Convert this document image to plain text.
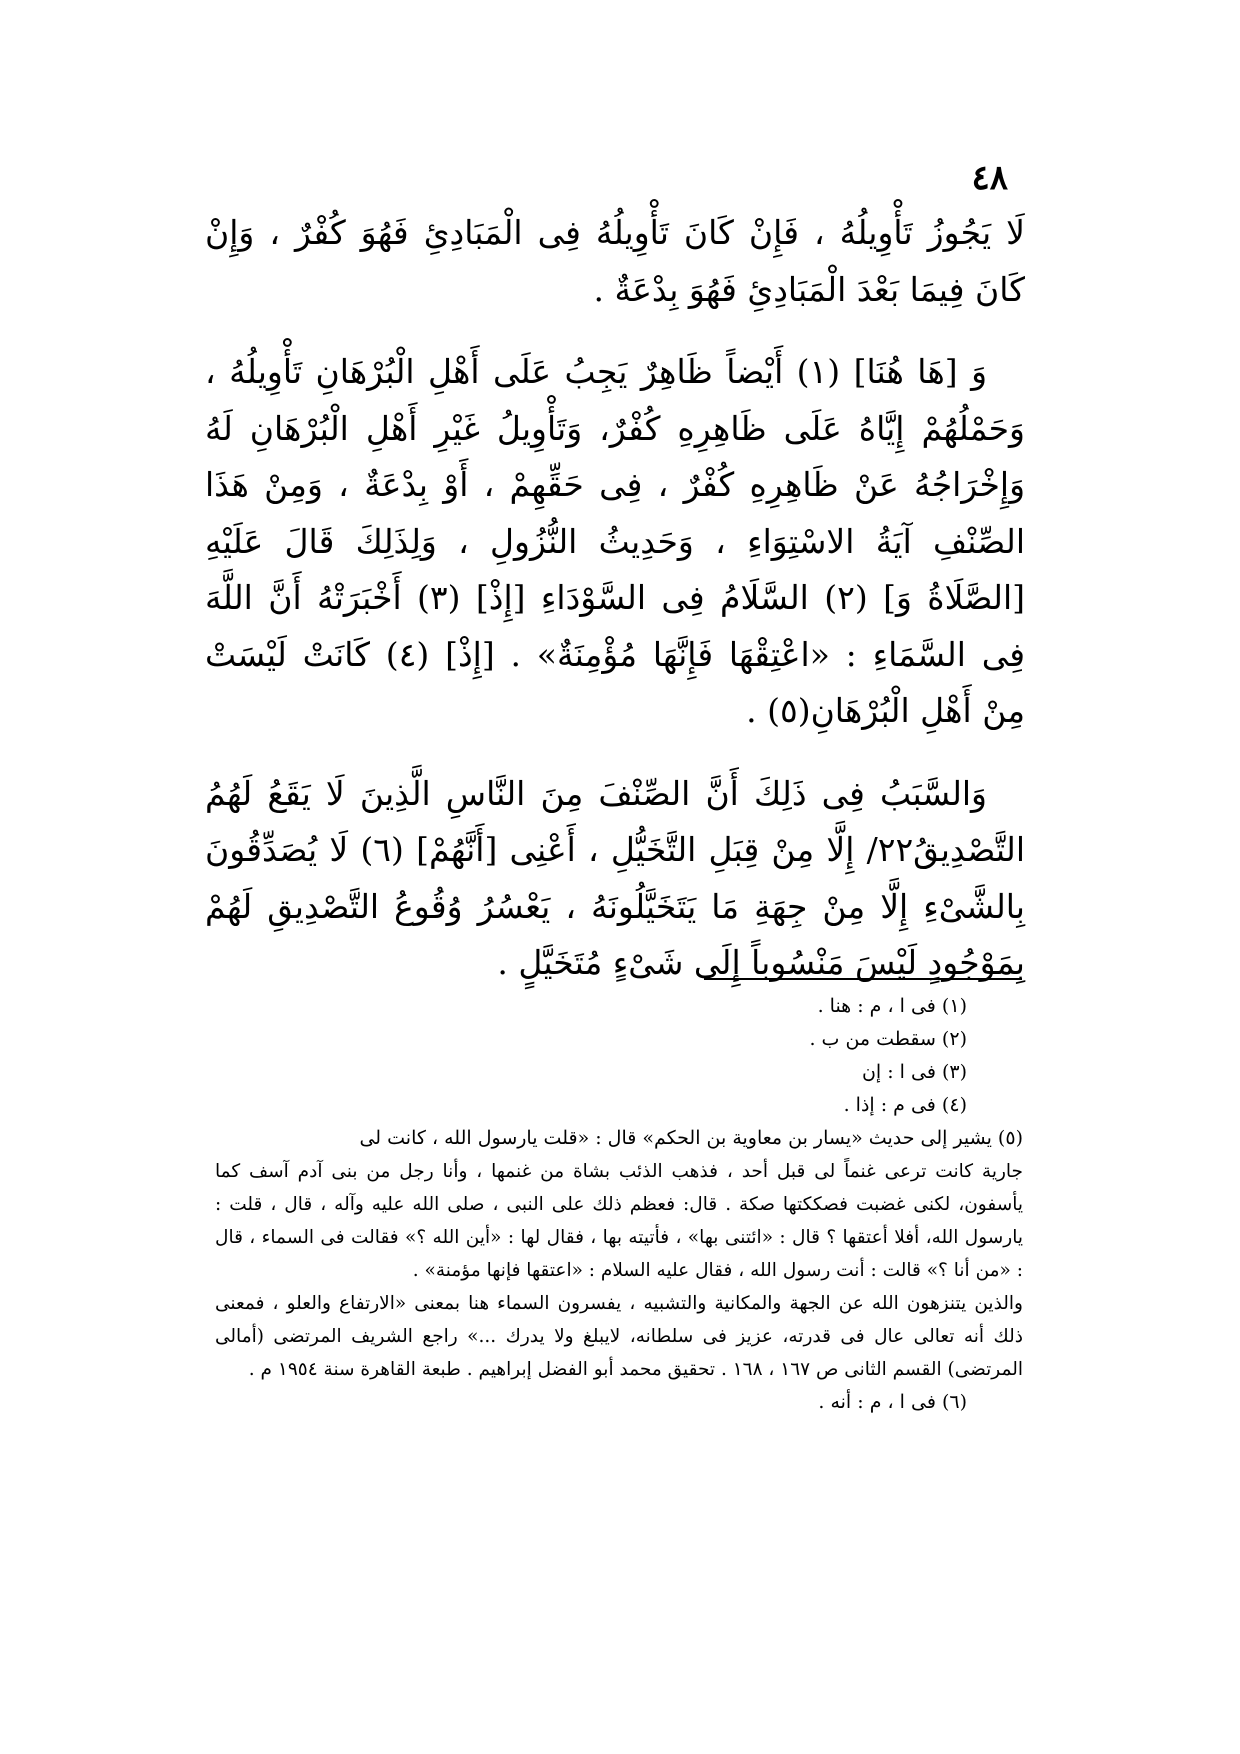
٤٨

لَا يَجُوزُ تَأْوِيلُهُ ، فَإِنْ كَانَ تَأْوِيلُهُ فِى الْمَبَادِئِ فَهُوَ كُفْرٌ ، وَإِنْ كَانَ فِيمَا بَعْدَ الْمَبَادِئِ فَهُوَ بِدْعَةٌ .

وَ [هَا هُنَا] (١) أَيْضاً ظَاهِرٌ يَجِبُ عَلَى أَهْلِ الْبُرْهَانِ تَأْوِيلُهُ ، وَحَمْلُهُمْ إِيَّاهُ عَلَى ظَاهِرِهِ كُفْرٌ، وَتَأْوِيلُ غَيْرِ أَهْلِ الْبُرْهَانِ لَهُ وَإِخْرَاجُهُ عَنْ ظَاهِرِهِ كُفْرٌ ، فِى حَقِّهِمْ ، أَوْ بِدْعَةٌ ، وَمِنْ هَذَا الصِّنْفِ آيَةُ الاسْتِوَاءِ ، وَحَدِيثُ النُّزُولِ ، وَلِذَلِكَ قَالَ عَلَيْهِ [الصَّلَاةُ وَ] (٢) السَّلَامُ فِى السَّوْدَاءِ [إِذْ] (٣) أَخْبَرَتْهُ أَنَّ اللَّهَ فِى السَّمَاءِ : «اعْتِقْهَا فَإِنَّهَا مُؤْمِنَةٌ» . [إِذْ] (٤) كَانَتْ لَيْسَتْ مِنْ أَهْلِ الْبُرْهَانِ(٥) .

وَالسَّبَبُ فِى ذَلِكَ أَنَّ الصِّنْفَ مِنَ النَّاسِ الَّذِينَ لَا يَقَعُ لَهُمُ التَّصْدِيقُ٢٢/ إِلَّا مِنْ قِبَلِ التَّخَيُّلِ ، أَعْنِى [أَنَّهُمْ] (٦) لَا يُصَدِّقُونَ بِالشَّىْءِ إِلَّا مِنْ جِهَةِ مَا يَتَخَيَّلُونَهُ ، يَعْسُرُ وُقُوعُ التَّصْدِيقِ لَهُمْ بِمَوْجُودٍ لَيْسَ مَنْسُوباً إِلَى شَىْءٍ مُتَخَيَّلٍ .

(١) فى ا ، م : هنا .

(٢) سقطت من ب .

(٣) فى ا : إن

(٤) فى م : إذا .

(٥) يشير إلى حديث «يسار بن معاوية بن الحكم» قال : «قلت يارسول الله ، كانت لى
جارية كانت ترعى غنماً لى قبل أحد ، فذهب الذئب بشاة من غنمها ، وأنا رجل من بنى آدم آسف كما يأسفون، لكنى غضبت فصككتها صكة . قال: فعظم ذلك على النبى ، صلى الله عليه وآله ، قال ، قلت : يارسول الله، أفلا أعتقها ؟ قال : «ائتنى بها» ، فأتيته بها ، فقال لها : «أين الله ؟» فقالت فى السماء ، قال : «من أنا ؟» قالت : أنت رسول الله ، فقال عليه السلام : «اعتقها فإنها مؤمنة» .
والذين يتنزهون الله عن الجهة والمكانية والتشبيه ، يفسرون السماء هنا بمعنى «الارتفاع والعلو ، فمعنى ذلك أنه تعالى عال فى قدرته، عزيز فى سلطانه، لايبلغ ولا يدرك ...» راجع الشريف المرتضى (أمالى المرتضى) القسم الثانى ص ١٦٧ ، ١٦٨ . تحقيق محمد أبو الفضل إبراهيم . طبعة القاهرة سنة ١٩٥٤ م .

(٦) فى ا ، م : أنه .
